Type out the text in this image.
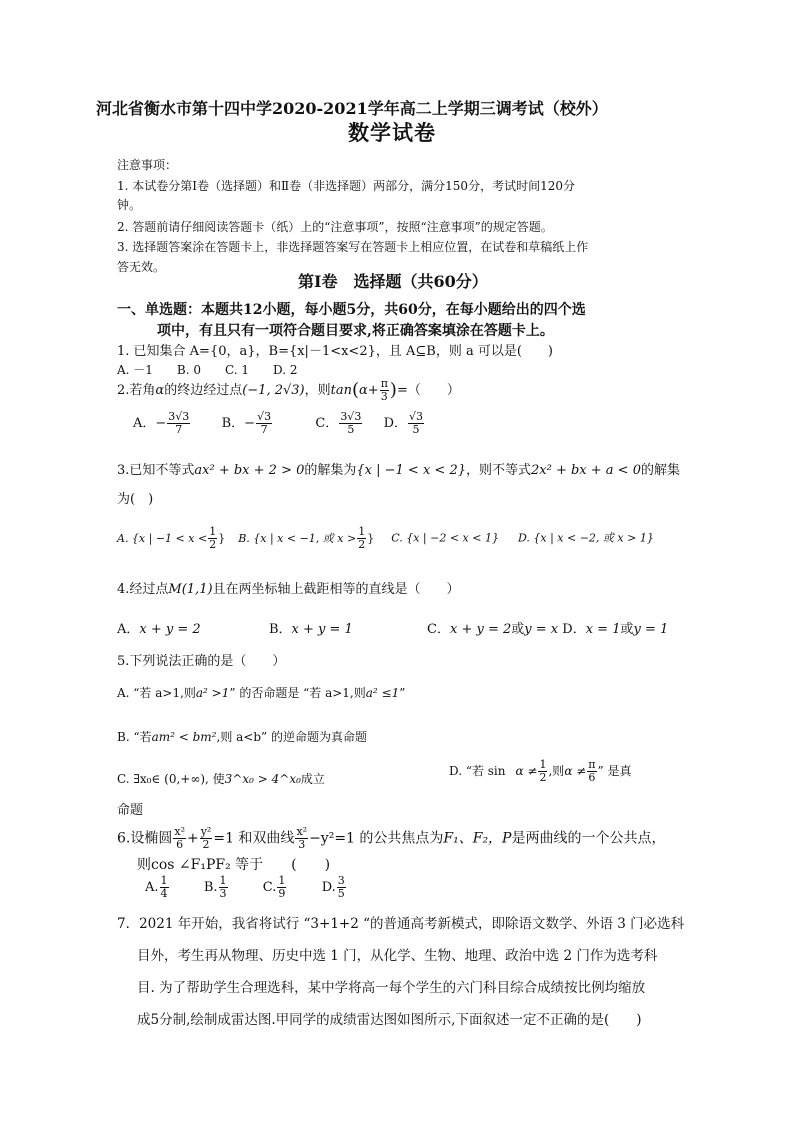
河北省衡水市第十四中学2020-2021学年高二上学期三调考试（校外）
数学试卷
注意事项：
1. 本试卷分第Ⅰ卷（选择题）和Ⅱ卷（非选择题）两部分，满分150分，考试时间120分
钟。
2. 答题前请仔细阅读答题卡（纸）上的“注意事项”，按照“注意事项”的规定答题。
3. 选择题答案涂在答题卡上，非选择题答案写在答题卡上相应位置，在试卷和草稿纸上作
答无效。
第Ⅰ卷　选择题（共60分）
一、单选题：本题共12小题，每小题5分，共60分，在每小题给出的四个选
项中，有且只有一项符合题目要求,将正确答案填涂在答题卡上。
1. 已知集合 A={0，a}，B={x|－1<x<2}，且 A⊆B，则 a 可以是(　　)
A. －1　　B. 0　　C. 1　　D. 2
2.若角α的终边经过点(−1, 2√3)，则$\tan(\alpha+ \frac{\pi}{3}$ )=（　　）
A．− $\frac{3√3}{7}$ B．− $\frac{√3}{7}$	C． $\frac{3√3}{5}$ D． $\frac{√3}{5}$
3.已知不等式ax² + bx + 2 > 0的解集为{x | −1 < x < 2}，则不等式2x² + bx + a < 0的解集
为(　)
A. {x | $-1 < x < \frac{1}{2}$ } B. {x | x < −1, 或 $x > \frac{1}{2}$ } C. {x | −2 < x < 1} D. {x | x < −2, 或 x > 1}
4.经过点M(1,1)且在两坐标轴上截距相等的直线是（　　）
A．x + y = 2	B．x + y = 1	C．x + y = 2或y = x D．x = 1或y = 1
5.下列说法正确的是（　　）
A. “若 a>1,则a² >1” 的否命题是 “若 a>1,则a² ≤1”
B. “若am² < bm²,则 a<b” 的逆命题为真命题
C. ∃x₀∈ (0,+∞), 使3^x₀ > 4^x₀成立
D. “若 $\sin \alpha \ne \frac{1}{2}$ ,则$\alpha \ne \frac{\pi}{6}$ ” 是真
命题
6.设椭圆 $\frac{\text{x²}}{6} + \frac{\text{y²}}{2} =1$ 和双曲线 $\frac{\text{x²}}{3} -y^2=1$ 的公共焦点为F₁、F₂，P是两曲线的一个公共点，
则cos ∠F₁PF₂ 等于　　(　　)
A. $\frac{1}{4}$	B. $\frac{1}{3}$	C. $\frac{1}{9}$	D. $\frac{3}{5}$
7．2021 年开始，我省将试行 “3+1+2 “的普通高考新模式，即除语文数学、外语 3 门必选科
目外，考生再从物理、历史中选 1 门，从化学、生物、地理、政治中选 2 门作为选考科
目. 为了帮助学生合理选科，某中学将高一每个学生的六门科目综合成绩按比例均缩放
成5分制,绘制成雷达图.甲同学的成绩雷达图如图所示,下面叙述一定不正确的是(　　)
